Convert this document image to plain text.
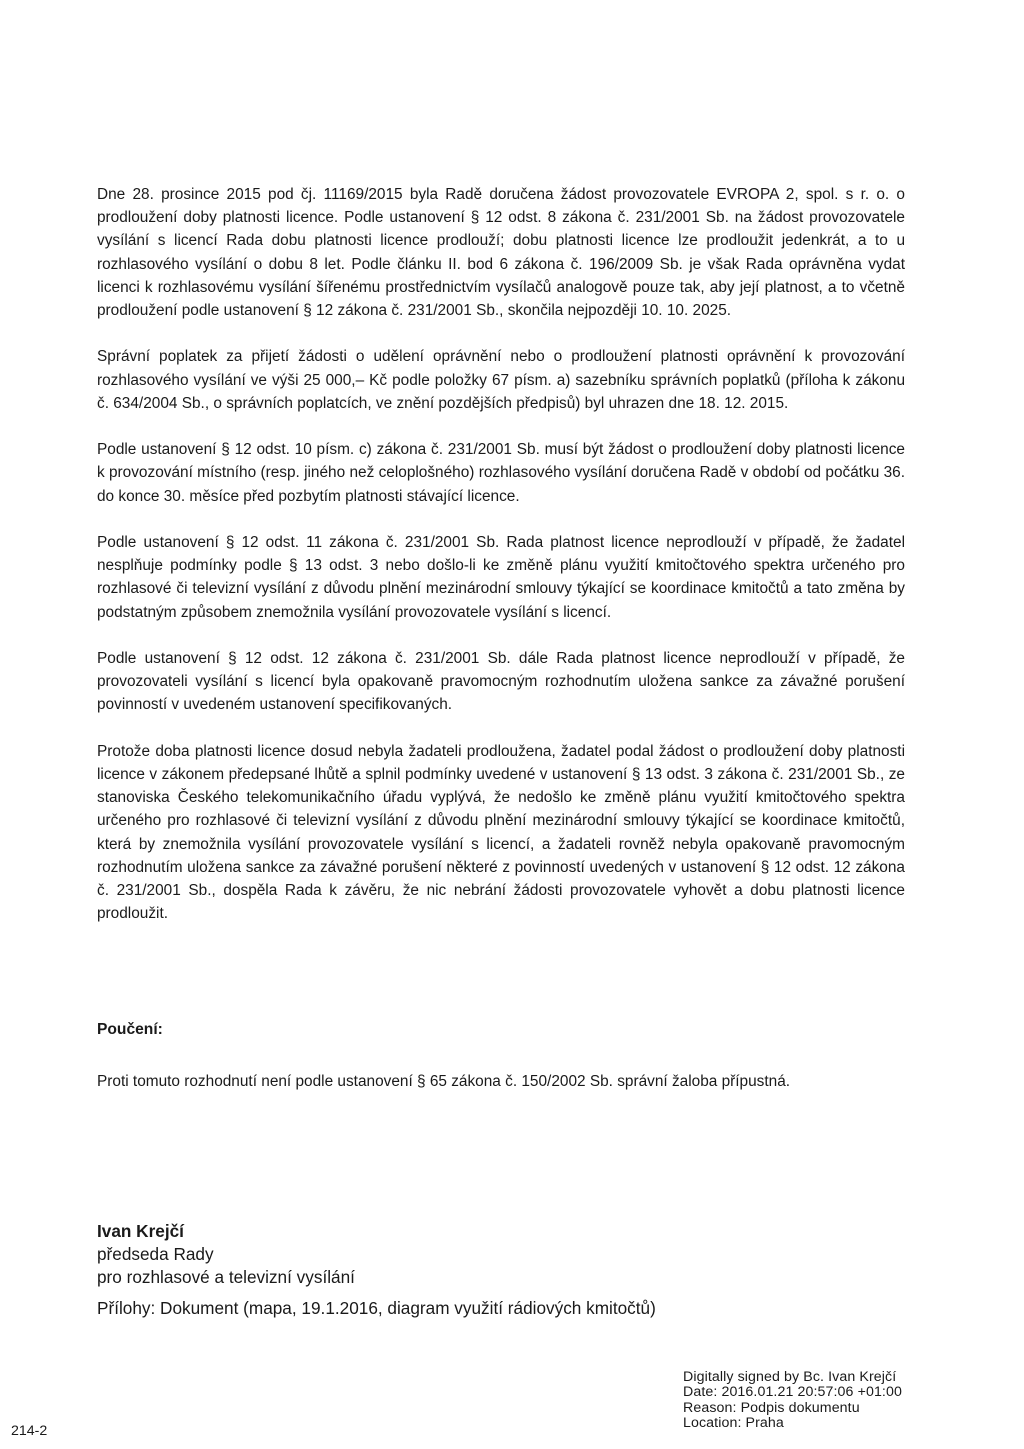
Dne 28. prosince 2015 pod čj. 11169/2015 byla Radě doručena žádost provozovatele EVROPA 2, spol. s r. o. o prodloužení doby platnosti licence. Podle ustanovení § 12 odst. 8 zákona č. 231/2001 Sb. na žádost provozovatele vysílání s licencí Rada dobu platnosti licence prodlouží; dobu platnosti licence lze prodloužit jedenkrát, a to u rozhlasového vysílání o dobu 8 let. Podle článku II. bod 6 zákona č. 196/2009 Sb. je však Rada oprávněna vydat licenci k rozhlasovému vysílání šířenému prostřednictvím vysílačů analogově pouze tak, aby její platnost, a to včetně prodloužení podle ustanovení § 12 zákona č. 231/2001 Sb., skončila nejpozději 10. 10. 2025.

Správní poplatek za přijetí žádosti o udělení oprávnění nebo o prodloužení platnosti oprávnění k provozování rozhlasového vysílání ve výši 25 000,– Kč podle položky 67 písm. a) sazebníku správních poplatků (příloha k zákonu č. 634/2004 Sb., o správních poplatcích, ve znění pozdějších předpisů) byl uhrazen dne 18. 12. 2015.

Podle ustanovení § 12 odst. 10 písm. c) zákona č. 231/2001 Sb. musí být žádost o prodloužení doby platnosti licence k provozování místního (resp. jiného než celoplošného) rozhlasového vysílání doručena Radě v období od počátku 36. do konce 30. měsíce před pozbytím platnosti stávající licence.

Podle ustanovení § 12 odst. 11 zákona č. 231/2001 Sb. Rada platnost licence neprodlouží v případě, že žadatel nesplňuje podmínky podle § 13 odst. 3 nebo došlo-li ke změně plánu využití kmitočtového spektra určeného pro rozhlasové či televizní vysílání z důvodu plnění mezinárodní smlouvy týkající se koordinace kmitočtů a tato změna by podstatným způsobem znemožnila vysílání provozovatele vysílání s licencí.

Podle ustanovení § 12 odst. 12 zákona č. 231/2001 Sb. dále Rada platnost licence neprodlouží v případě, že provozovateli vysílání s licencí byla opakovaně pravomocným rozhodnutím uložena sankce za závažné porušení povinností v uvedeném ustanovení specifikovaných.

Protože doba platnosti licence dosud nebyla žadateli prodloužena, žadatel podal žádost o prodloužení doby platnosti licence v zákonem předepsané lhůtě a splnil podmínky uvedené v ustanovení § 13 odst. 3 zákona č. 231/2001 Sb., ze stanoviska Českého telekomunikačního úřadu vyplývá, že nedošlo ke změně plánu využití kmitočtového spektra určeného pro rozhlasové či televizní vysílání z důvodu plnění mezinárodní smlouvy týkající se koordinace kmitočtů, která by znemožnila vysílání provozovatele vysílání s licencí, a žadateli rovněž nebyla opakovaně pravomocným rozhodnutím uložena sankce za závažné porušení některé z povinností uvedených v ustanovení § 12 odst. 12 zákona č. 231/2001 Sb., dospěla Rada k závěru, že nic nebrání žádosti provozovatele vyhovět a dobu platnosti licence prodloužit.

Poučení:
Proti tomuto rozhodnutí není podle ustanovení § 65 zákona č. 150/2002 Sb. správní žaloba přípustná.
Ivan Krejčí
předseda Rady
pro rozhlasové a televizní vysílání
Přílohy: Dokument (mapa, 19.1.2016, diagram využití rádiových kmitočtů)
Digitally signed by Bc. Ivan Krejčí
Date: 2016.01.21 20:57:06 +01:00
Reason: Podpis dokumentu
Location: Praha
214-2
